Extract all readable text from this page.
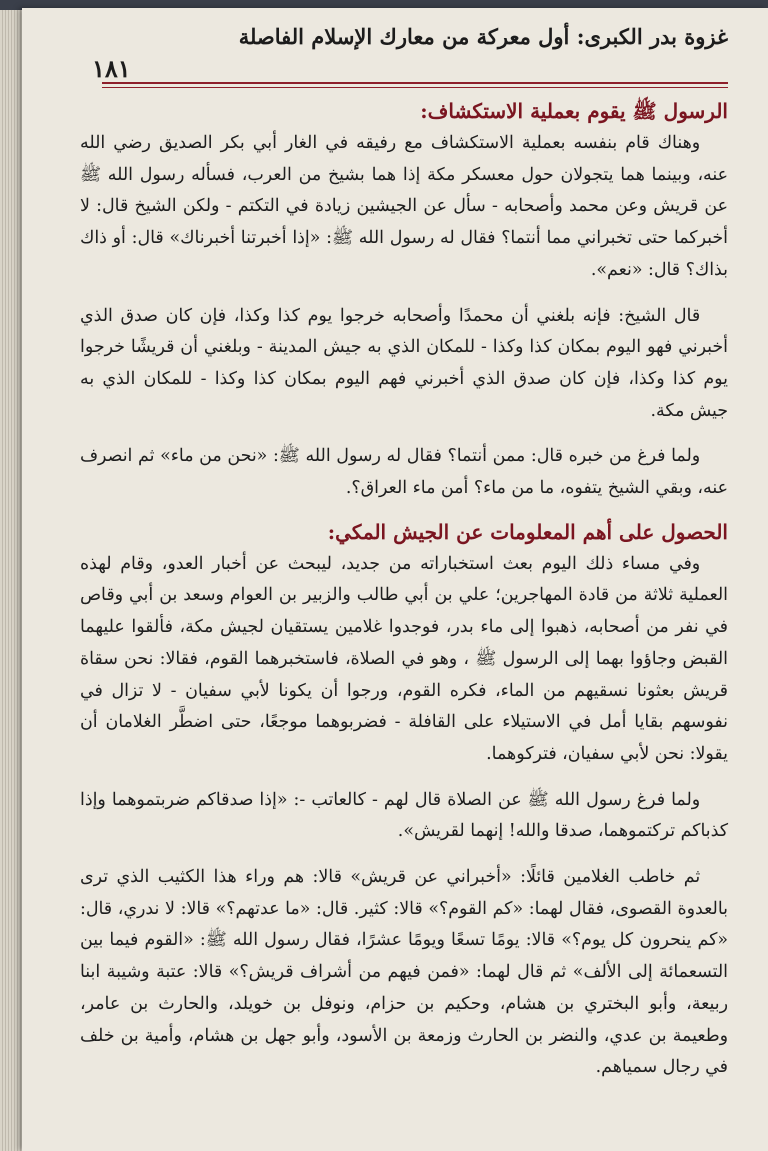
غزوة بدر الكبرى: أول معركة من معارك الإسلام الفاصلة
١٨١
الرسول ﷺ يقوم بعملية الاستكشاف:

وهناك قام بنفسه بعملية الاستكشاف مع رفيقه في الغار أبي بكر الصديق رضي الله عنه، وبينما هما يتجولان حول معسكر مكة إذا هما بشيخ من العرب، فسأله رسول الله ﷺ عن قريش وعن محمد وأصحابه - سأل عن الجيشين زيادة في التكتم - ولكن الشيخ قال: لا أخبركما حتى تخبراني مما أنتما؟ فقال له رسول الله ﷺ: «إذا أخبرتنا أخبرناك» قال: أو ذاك بذاك؟ قال: «نعم».

قال الشيخ: فإنه بلغني أن محمدًا وأصحابه خرجوا يوم كذا وكذا، فإن كان صدق الذي أخبرني فهو اليوم بمكان كذا وكذا - للمكان الذي به جيش المدينة - وبلغني أن قريشًا خرجوا يوم كذا وكذا، فإن كان صدق الذي أخبرني فهم اليوم بمكان كذا وكذا - للمكان الذي به جيش مكة.

ولما فرغ من خبره قال: ممن أنتما؟ فقال له رسول الله ﷺ: «نحن من ماء» ثم انصرف عنه، وبقي الشيخ يتفوه، ما من ماء؟ أمن ماء العراق؟.

الحصول على أهم المعلومات عن الجيش المكي:

وفي مساء ذلك اليوم بعث استخباراته من جديد، ليبحث عن أخبار العدو، وقام لهذه العملية ثلاثة من قادة المهاجرين؛ علي بن أبي طالب والزبير بن العوام وسعد بن أبي وقاص في نفر من أصحابه، ذهبوا إلى ماء بدر، فوجدوا غلامين يستقيان لجيش مكة، فألقوا عليهما القبض وجاؤوا بهما إلى الرسول ﷺ ، وهو في الصلاة، فاستخبرهما القوم، فقالا: نحن سقاة قريش بعثونا نسقيهم من الماء، فكره القوم، ورجوا أن يكونا لأبي سفيان - لا تزال في نفوسهم بقايا أمل في الاستيلاء على القافلة - فضربوهما موجعًا، حتى اضطَّر الغلامان أن يقولا: نحن لأبي سفيان، فتركوهما.

ولما فرغ رسول الله ﷺ عن الصلاة قال لهم - كالعاتب -: «إذا صدقاكم ضربتموهما وإذا كذباكم تركتموهما، صدقا والله! إنهما لقريش».

ثم خاطب الغلامين قائلًا: «أخبراني عن قريش» قالا: هم وراء هذا الكثيب الذي ترى بالعدوة القصوى، فقال لهما: «كم القوم؟» قالا: كثير. قال: «ما عدتهم؟» قالا: لا ندري، قال: «كم ينحرون كل يوم؟» قالا: يومًا تسعًا ويومًا عشرًا، فقال رسول الله ﷺ: «القوم فيما بين التسعمائة إلى الألف» ثم قال لهما: «فمن فيهم من أشراف قريش؟» قالا: عتبة وشيبة ابنا ربيعة، وأبو البختري بن هشام، وحكيم بن حزام، ونوفل بن خويلد، والحارث بن عامر، وطعيمة بن عدي، والنضر بن الحارث وزمعة بن الأسود، وأبو جهل بن هشام، وأمية بن خلف في رجال سمياهم.
